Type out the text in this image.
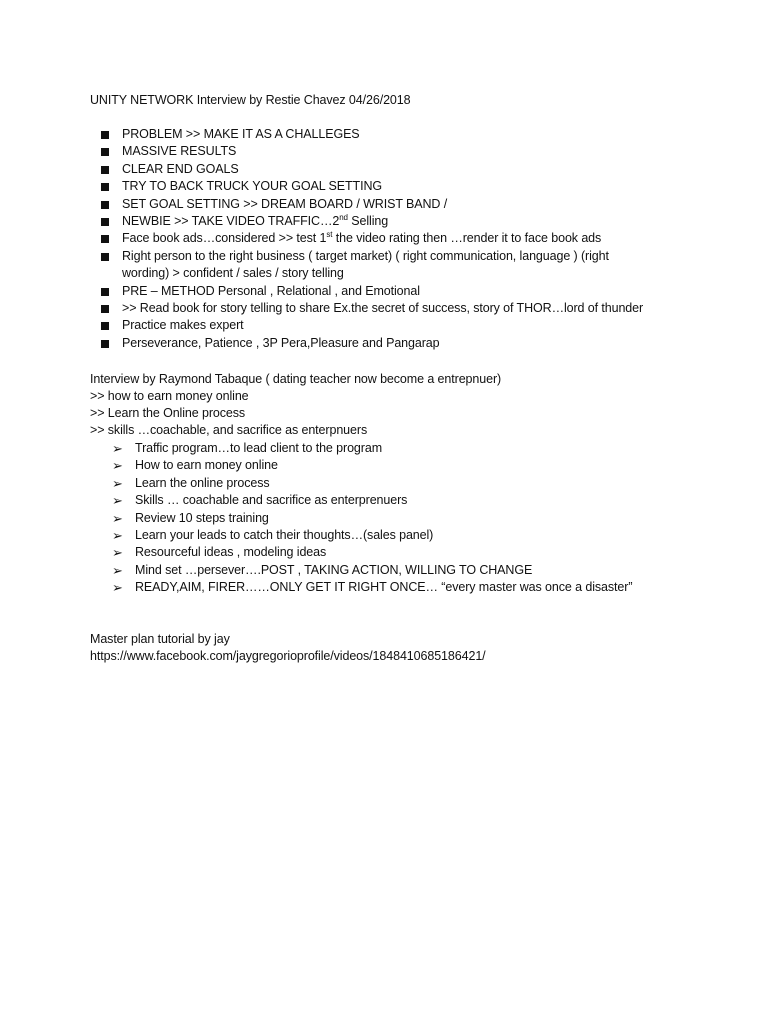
UNITY NETWORK Interview by Restie Chavez 04/26/2018
PROBLEM >> MAKE IT AS A CHALLEGES
MASSIVE RESULTS
CLEAR END GOALS
TRY TO BACK TRUCK YOUR GOAL SETTING
SET GOAL SETTING >> DREAM BOARD / WRIST BAND /
NEWBIE >> TAKE VIDEO TRAFFIC…2nd Selling
Face book ads…considered >> test 1st the video rating then …render it to face book ads
Right person to the right business ( target market) ( right communication, language ) (right wording) > confident / sales / story telling
PRE – METHOD Personal , Relational , and Emotional
>> Read book for story telling to share Ex.the secret of success, story of THOR…lord of thunder
Practice makes expert
Perseverance, Patience , 3P Pera,Pleasure and Pangarap
Interview by Raymond Tabaque ( dating teacher now become a entrepnuer)
>> how to earn money online
>> Learn the Online process
>> skills …coachable, and sacrifice as enterpnuers
➢ Traffic program…to lead client to the program
➢ How to earn money online
➢ Learn the online process
➢ Skills … coachable and sacrifice as enterprenuers
➢ Review 10 steps training
➢ Learn your leads to catch their thoughts…(sales panel)
➢ Resourceful ideas , modeling ideas
➢ Mind set …persever….POST , TAKING ACTION, WILLING TO CHANGE
➢ READY,AIM, FIRER……ONLY GET IT RIGHT ONCE… “every master was once a disaster”
Master plan tutorial by jay
https://www.facebook.com/jaygregorioprofile/videos/1848410685186421/
